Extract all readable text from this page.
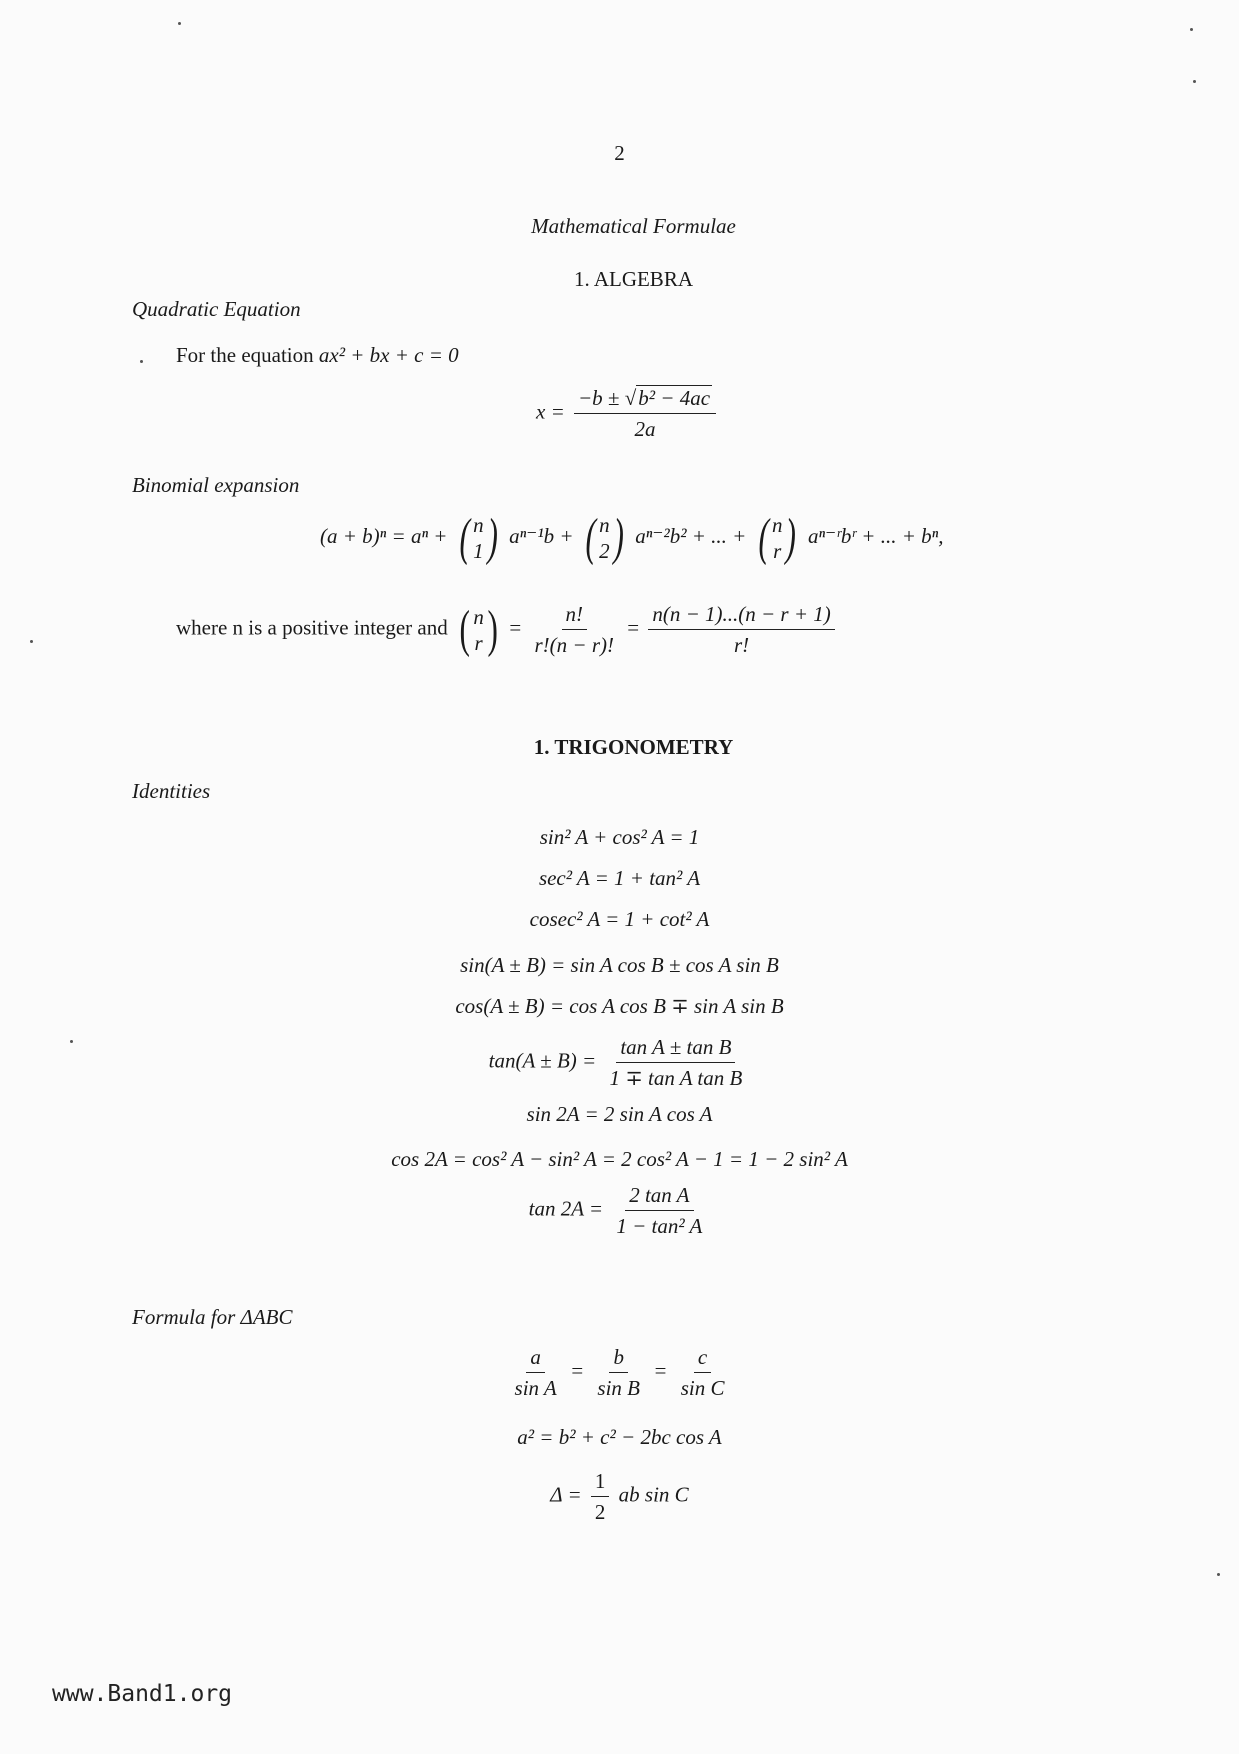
2
Mathematical Formulae
1. ALGEBRA
Quadratic Equation
For the equation ax² + bx + c = 0
$x = \frac{\text{−b ± √b² − 4ac}}{2a}$
Binomial expansion
(a + b)ⁿ = aⁿ + ( n
1 ) aⁿ⁻¹b + ( n
2 ) aⁿ⁻²b² + ... + ( n
r ) aⁿ⁻ʳbʳ + ... + bⁿ,
where n is a positive integer and ( n
r ) = $\frac{n!}{r!(n - r)!} = \frac{n(n - 1)...(n - r + 1)}{r!}$
1. TRIGONOMETRY
Identities
sin² A + cos² A = 1
sec² A = 1 + tan² A
cosec² A = 1 + cot² A
sin(A ± B) = sin A cos B ± cos A sin B
cos(A ± B) = cos A cos B ∓ sin A sin B
$\tan(A \pm B) = \frac{\text{tan A ± tan B}}{\text{1 ∓ tan A tan B}}$
sin 2A = 2 sin A cos A
cos 2A = cos² A − sin² A = 2 cos² A − 1 = 1 − 2 sin² A
$\tan 2A = \frac{\text{2 tan A}}{\text{1 − tan² A}}$
Formula for ΔABC
$\frac{a}{\text{sin A}} = \frac{b}{\text{sin B}} = \frac{c}{\text{sin C}}$
a² = b² + c² − 2bc cos A
$\Delta = \frac{1}{2}$ ab sin C
www.Band1.org
